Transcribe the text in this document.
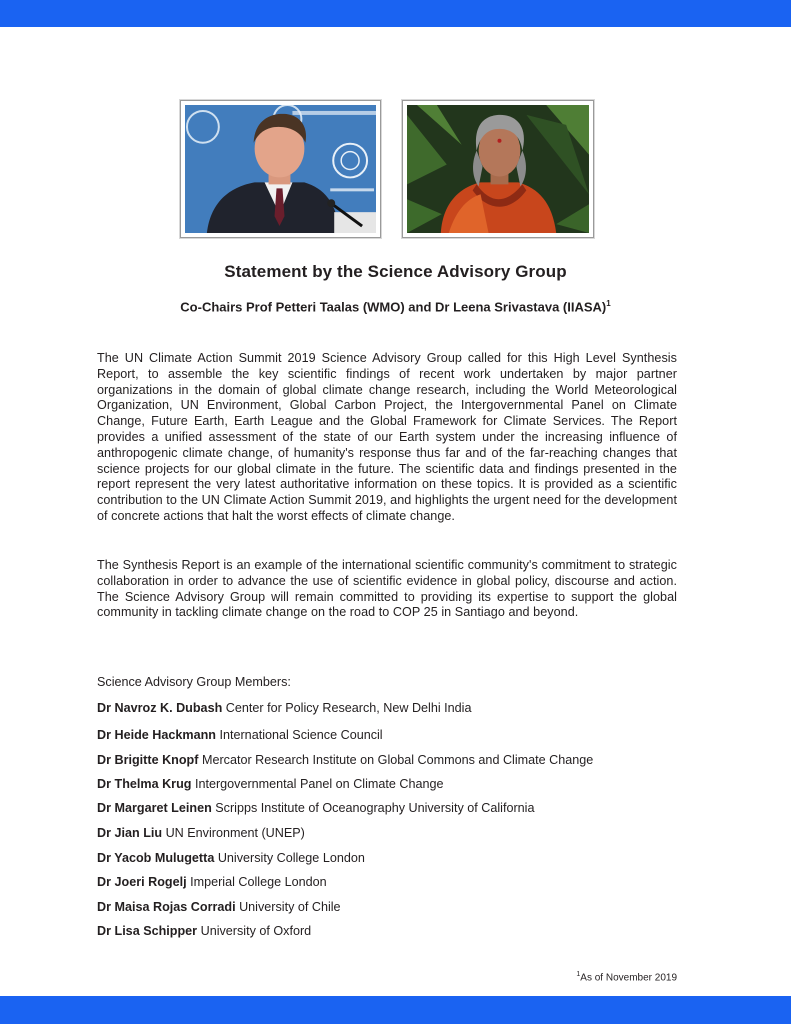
Statement by the Science Advisory Group

Co-Chairs Prof Petteri Taalas (WMO) and Dr Leena Srivastava (IIASA)$^1$

The UN Climate Action Summit 2019 Science Advisory Group called for this High Level Synthesis Report, to assemble the key scientific findings of recent work undertaken by major partner organizations in the domain of global climate change research, including the World Meteorological Organization, UN Environment, Global Carbon Project, the Intergovernmental Panel on Climate Change, Future Earth, Earth League and the Global Framework for Climate Services. The Report provides a unified assessment of the state of our Earth system under the increasing influence of anthropogenic climate change, of humanity's response thus far and of the far-reaching changes that science projects for our global climate in the future. The scientific data and findings presented in the report represent the very latest authoritative information on these topics. It is provided as a scientific contribution to the UN Climate Action Summit 2019, and highlights the urgent need for the development of concrete actions that halt the worst effects of climate change.

The Synthesis Report is an example of the international scientific community's commitment to strategic collaboration in order to advance the use of scientific evidence in global policy, discourse and action. The Science Advisory Group will remain committed to providing its expertise to support the global community in tackling climate change on the road to COP 25 in Santiago and beyond.

Science Advisory Group Members:

Dr Navroz K. Dubash Center for Policy Research, New Delhi India

Dr Heide Hackmann International Science Council

Dr Brigitte Knopf Mercator Research Institute on Global Commons and Climate Change

Dr Thelma Krug Intergovernmental Panel on Climate Change

Dr Margaret Leinen Scripps Institute of Oceanography University of California

Dr Jian Liu UN Environment (UNEP)

Dr Yacob Mulugetta University College London

Dr Joeri Rogelj Imperial College London

Dr Maisa Rojas Corradi University of Chile

Dr Lisa Schipper University of Oxford

$^1$As of November 2019
